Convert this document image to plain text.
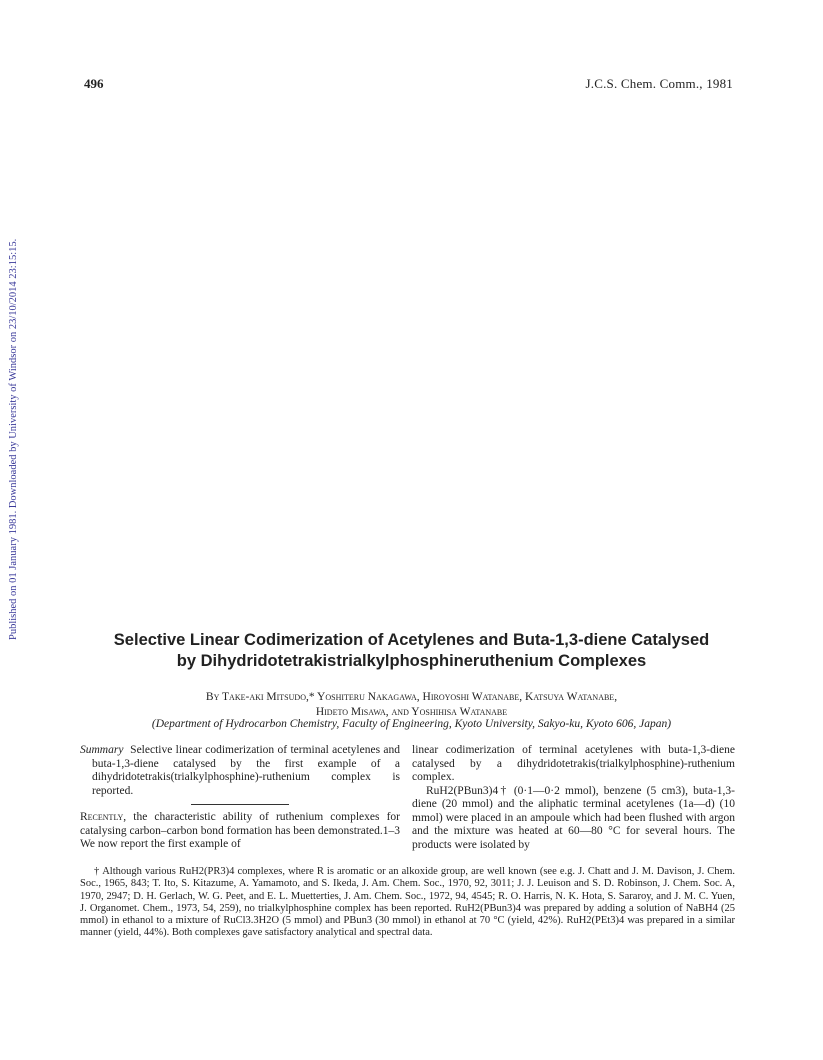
496	J.C.S. Chem. Comm., 1981
Published on 01 January 1981. Downloaded by University of Windsor on 23/10/2014 23:15:15.	Selective Linear Codimerization of Acetylenes and Buta-1,3-diene Catalysed
by Dihydridotetrakistrialkylphosphineruthenium Complexes
By Take-aki Mitsudo,* Yoshiteru Nakagawa, Hiroyoshi Watanabe, Katsuya Watanabe,
Hideto Misawa, and Yoshihisa Watanabe
(Department of Hydrocarbon Chemistry, Faculty of Engineering, Kyoto University, Sakyo-ku, Kyoto 606, Japan)
Summary Selective linear codimerization of terminal acetylenes and buta-1,3-diene catalysed by the first example of a dihydridotetrakis(trialkylphosphine)-ruthenium complex is reported.
Recently, the characteristic ability of ruthenium complexes for catalysing carbon–carbon bond formation has been demonstrated.1–3 We now report the first example of
linear codimerization of terminal acetylenes with buta-1,3-diene catalysed by a dihydridotetrakis(trialkylphosphine)-ruthenium complex.
RuH2(PBun3)4† (0·1—0·2 mmol), benzene (5 cm3), buta-1,3-diene (20 mmol) and the aliphatic terminal acetylenes (1a—d) (10 mmol) were placed in an ampoule which had been flushed with argon and the mixture was heated at 60—80 °C for several hours. The products were isolated by
† Although various RuH2(PR3)4 complexes, where R is aromatic or an alkoxide group, are well known (see e.g. J. Chatt and J. M. Davison, J. Chem. Soc., 1965, 843; T. Ito, S. Kitazume, A. Yamamoto, and S. Ikeda, J. Am. Chem. Soc., 1970, 92, 3011; J. J. Leuison and S. D. Robinson, J. Chem. Soc. A, 1970, 2947; D. H. Gerlach, W. G. Peet, and E. L. Muetterties, J. Am. Chem. Soc., 1972, 94, 4545; R. O. Harris, N. K. Hota, S. Sararoy, and J. M. C. Yuen, J. Organomet. Chem., 1973, 54, 259), no trialkylphosphine complex has been reported. RuH2(PBun3)4 was prepared by adding a solution of NaBH4 (25 mmol) in ethanol to a mixture of RuCl3.3H2O (5 mmol) and PBun3 (30 mmol) in ethanol at 70 °C (yield, 42%). RuH2(PEt3)4 was prepared in a similar manner (yield, 44%). Both complexes gave satisfactory analytical and spectral data.
